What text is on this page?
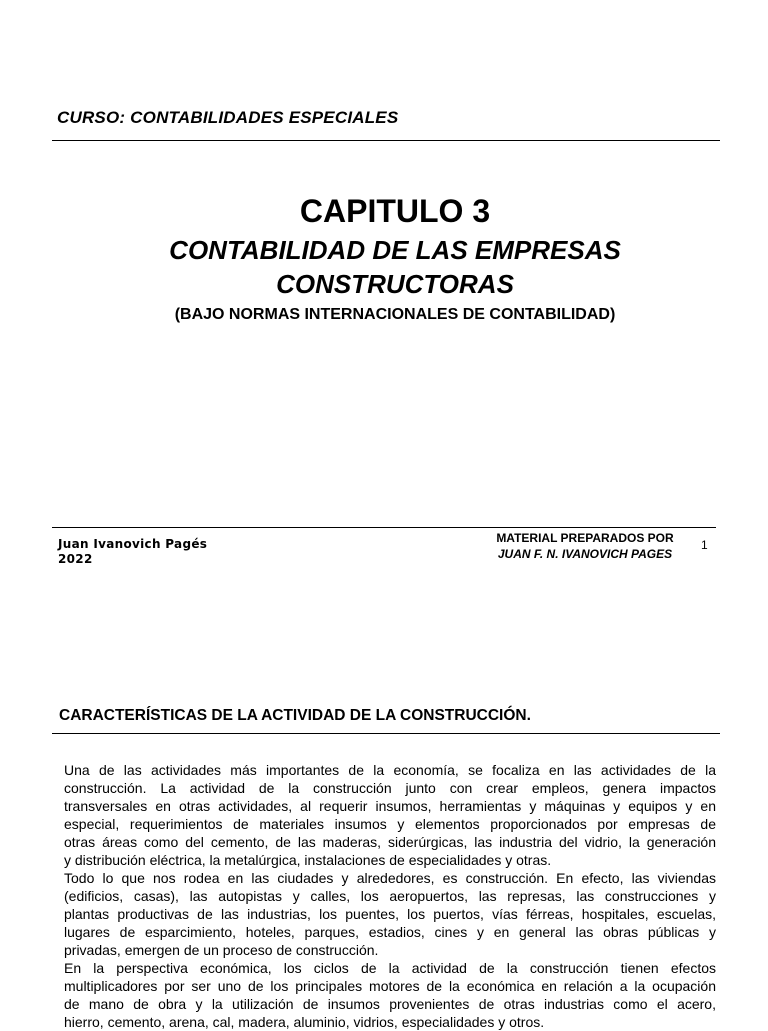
CURSO: CONTABILIDADES ESPECIALES
CAPITULO 3
CONTABILIDAD DE LAS EMPRESAS
CONSTRUCTORAS
(BAJO NORMAS INTERNACIONALES DE CONTABILIDAD)
Juan Ivanovich Pagés
2022
MATERIAL PREPARADOS POR
JUAN F. N. IVANOVICH PAGES
1
CARACTERÍSTICAS DE LA ACTIVIDAD DE LA CONSTRUCCIÓN.

Una de las actividades más importantes de la economía, se focaliza en las actividades de la
construcción. La actividad de la construcción junto con crear empleos, genera impactos
transversales en otras actividades, al requerir insumos, herramientas y máquinas y equipos y en
especial, requerimientos de materiales insumos y elementos proporcionados por empresas de
otras áreas como del cemento, de las maderas, siderúrgicas, las industria del vidrio, la generación

y distribución eléctrica, la metalúrgica, instalaciones de especialidades y otras.

Todo lo que nos rodea en las ciudades y alrededores, es construcción. En efecto, las viviendas
(edificios, casas), las autopistas y calles, los aeropuertos, las represas, las construcciones y
plantas productivas de las industrias, los puentes, los puertos, vías férreas, hospitales, escuelas,
lugares de esparcimiento, hoteles, parques, estadios, cines y en general las obras públicas y

privadas, emergen de un proceso de construcción.

En la perspectiva económica, los ciclos de la actividad de la construcción tienen efectos
multiplicadores por ser uno de los principales motores de la económica en relación a la ocupación
de mano de obra y la utilización de insumos provenientes de otras industrias como el acero,

hierro, cemento, arena, cal, madera, aluminio, vidrios, especialidades y otros.
